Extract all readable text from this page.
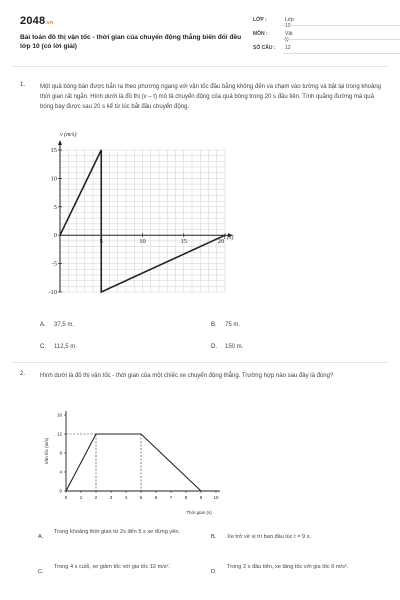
2048.vn
Bài toán đồ thị vận tốc - thời gian của chuyển động thẳng biến đổi đều lớp 10 (có lời giải)
LỚP :	Lớp 10
MÔN :	Vật lý
SỐ CÂU :	12
1. Một quả bóng bàn được bắn ra theo phương ngang với vận tốc đầu bằng không đến va chạm vào tường và bật lại trong khoảng thời gian rất ngắn. Hình dưới là đồ thị (v – t) mô tả chuyển động của quả bóng trong 20 s đầu tiên. Tính quãng đường mà quả bóng bay được sau 20 s kể từ lúc bắt đầu chuyển động.
5	10	15	20
15
10
5
0
-5
-10
v (m/s)
t (s)
A. 37,5 m.	B. 75 m.
C. 112,5 m.	D. 150 m.
2. Hình dưới là đồ thị vận tốc - thời gian của một chiếc xe chuyển động thẳng. Trường hợp nào sau đây là đúng?
0	1	2	3	4	5	6	7	8	9 10
0
4
8
12
16
Vận tốc (m/s)
Thời gian (s)
A.
Trong khoảng thời gian từ 2s đến 5 s xe đứng yên.
B. Xe trở về vị trí ban đầu lúc t = 9 s.
C.
Trong 4 s cuối, xe giảm tốc với gia tốc 12 m/s².
D.
Trong 2 s đầu tiên, xe tăng tốc với gia tốc 6 m/s².
